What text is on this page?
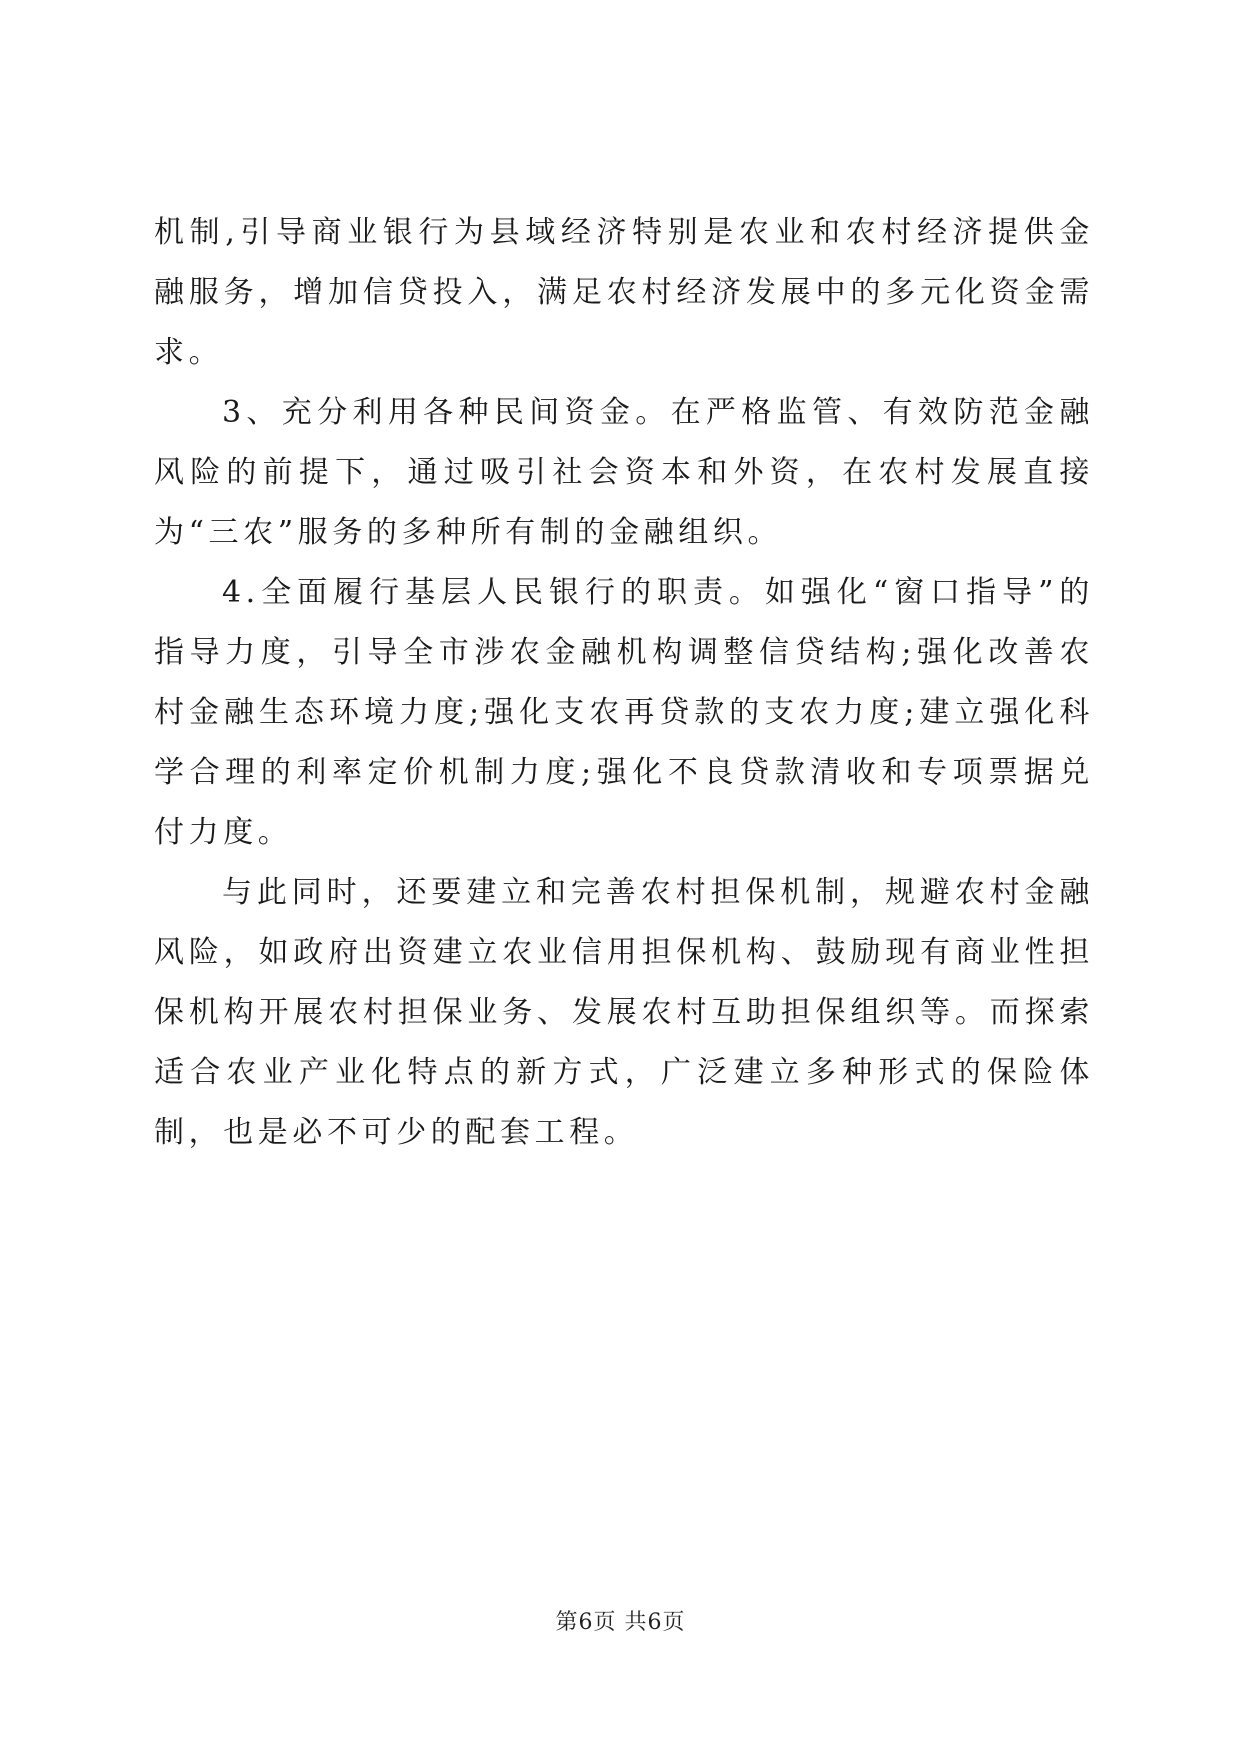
机制,引导商业银行为县域经济特别是农业和农村经济提供金融服务，增加信贷投入，满足农村经济发展中的多元化资金需求。

3、充分利用各种民间资金。在严格监管、有效防范金融风险的前提下，通过吸引社会资本和外资，在农村发展直接为“三农”服务的多种所有制的金融组织。

4.全面履行基层人民银行的职责。如强化“窗口指导”的指导力度，引导全市涉农金融机构调整信贷结构;强化改善农村金融生态环境力度;强化支农再贷款的支农力度;建立强化科学合理的利率定价机制力度;强化不良贷款清收和专项票据兑付力度。

与此同时，还要建立和完善农村担保机制，规避农村金融风险，如政府出资建立农业信用担保机构、鼓励现有商业性担保机构开展农村担保业务、发展农村互助担保组织等。而探索适合农业产业化特点的新方式，广泛建立多种形式的保险体制，也是必不可少的配套工程。

第6页 共6页
